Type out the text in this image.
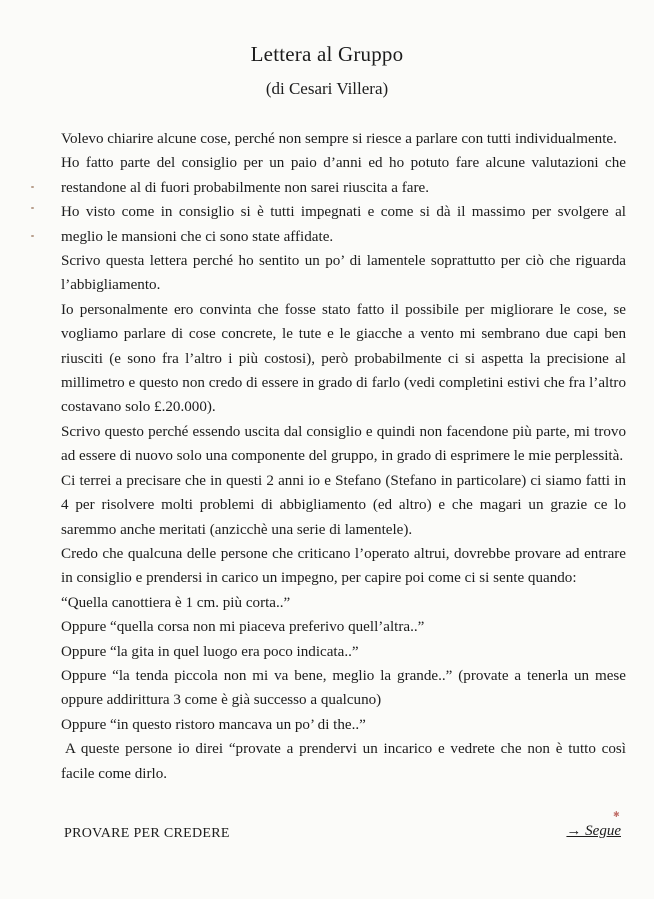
Lettera al Gruppo
(di Cesari Villera)

Volevo chiarire alcune cose, perché non sempre si riesce a parlare con tutti individualmente.

Ho fatto parte del consiglio per un paio d’anni ed ho potuto fare alcune valutazioni che restandone al di fuori probabilmente non sarei riuscita a fare.

Ho visto come in consiglio si è tutti impegnati e come si dà il massimo per svolgere al meglio le mansioni che ci sono state affidate.

Scrivo questa lettera perché ho sentito un po’ di lamentele soprattutto per ciò che riguarda l’abbigliamento.

Io personalmente ero convinta che fosse stato fatto il possibile per migliorare le cose, se vogliamo parlare di cose concrete, le tute e le giacche a vento mi sembrano due capi ben riusciti (e sono fra l’altro i più costosi), però probabilmente ci si aspetta la precisione al millimetro e questo non credo di essere in grado di farlo (vedi completini estivi che fra l’altro costavano solo £.20.000).

Scrivo questo perché essendo uscita dal consiglio e quindi non facendone più parte, mi trovo ad essere di nuovo solo una componente del gruppo, in grado di esprimere le mie perplessità.

Ci terrei a precisare che in questi 2 anni io e Stefano (Stefano in particolare) ci siamo fatti in 4 per risolvere molti problemi di abbigliamento (ed altro) e che magari un grazie ce lo saremmo anche meritati (anzicchè una serie di lamentele).

Credo che qualcuna delle persone che criticano l’operato altrui, dovrebbe provare ad entrare in consiglio e prendersi in carico un impegno, per capire poi come ci si sente quando:

“Quella canottiera è 1 cm. più corta..”

Oppure “quella corsa non mi piaceva preferivo quell’altra..”

Oppure “la gita in quel luogo era poco indicata..”

Oppure “la tenda piccola non mi va bene, meglio la grande..” (provate a tenerla un mese oppure addirittura 3 come è già successo a qualcuno)

Oppure “in questo ristoro mancava un po’ di the..”

A queste persone io direi “provate a prendervi un incarico e vedrete che non è tutto così facile come dirlo.

PROVARE PER CREDERE	→ Segue
✱
